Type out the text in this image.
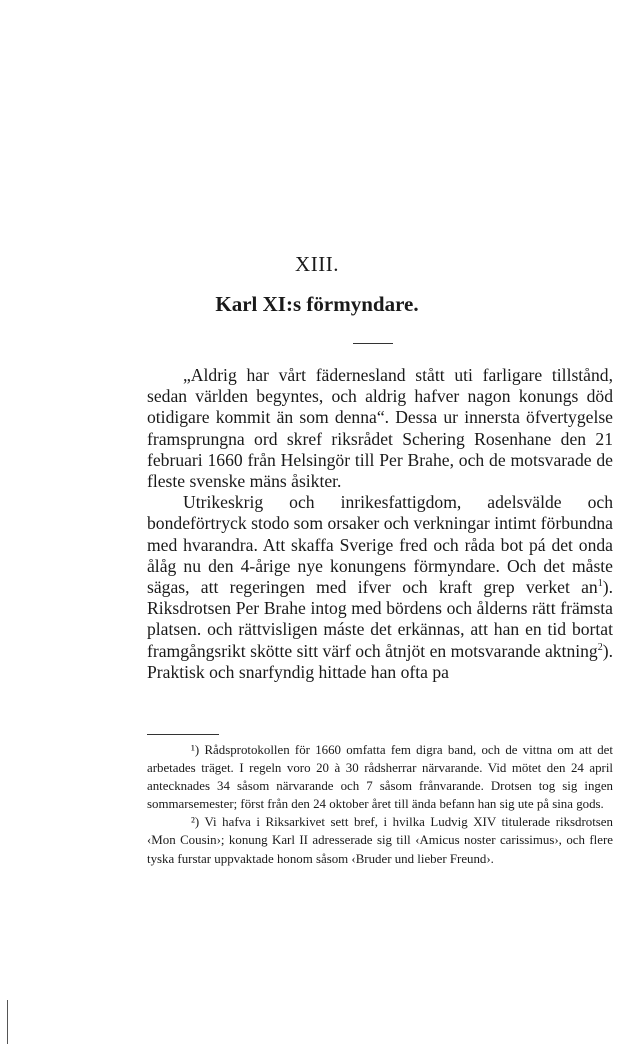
XIII.
Karl XI:s förmyndare.

„Aldrig har vårt fädernesland stått uti farligare tillstånd, sedan världen begyntes, och aldrig hafver nagon konungs död otidigare kommit än som denna“. Dessa ur innersta öfvertygelse framsprungna ord skref riksrådet Schering Rosenhane den 21 februari 1660 från Helsingör till Per Brahe, och de motsvarade de fleste svenske mäns åsikter.

Utrikeskrig och inrikesfattigdom, adelsvälde och bondeförtryck stodo som orsaker och verkningar intimt förbundna med hvarandra. Att skaffa Sverige fred och råda bot pá det onda ålåg nu den 4-årige nye konungens förmyndare. Och det måste sägas, att regeringen med ifver och kraft grep verket $an^1$). Riksdrotsen Per Brahe intog med bördens och ålderns rätt främsta platsen. och rättvisligen máste det erkännas, att han en tid bortat framgångsrikt skötte sitt värf och åtnjöt en motsvarande aktning$^2$). Praktisk och snarfyndig hittade han ofta pa

¹) Rådsprotokollen för 1660 omfatta fem digra band, och de vittna om att det arbetades träget. I regeln voro 20 à 30 rådsherrar närvarande. Vid mötet den 24 april antecknades 34 såsom närvarande och 7 såsom frånvarande. Drotsen tog sig ingen sommarsemester; först från den 24 oktober året till ända befann han sig ute på sina gods.

²) Vi hafva i Riksarkivet sett bref, i hvilka Ludvig XIV titulerade riksdrotsen ‹Mon Cousin›; konung Karl II adresserade sig till ‹Amicus noster carissimus›, och flere tyska furstar uppvaktade honom såsom ‹Bruder und lieber Freund›.
